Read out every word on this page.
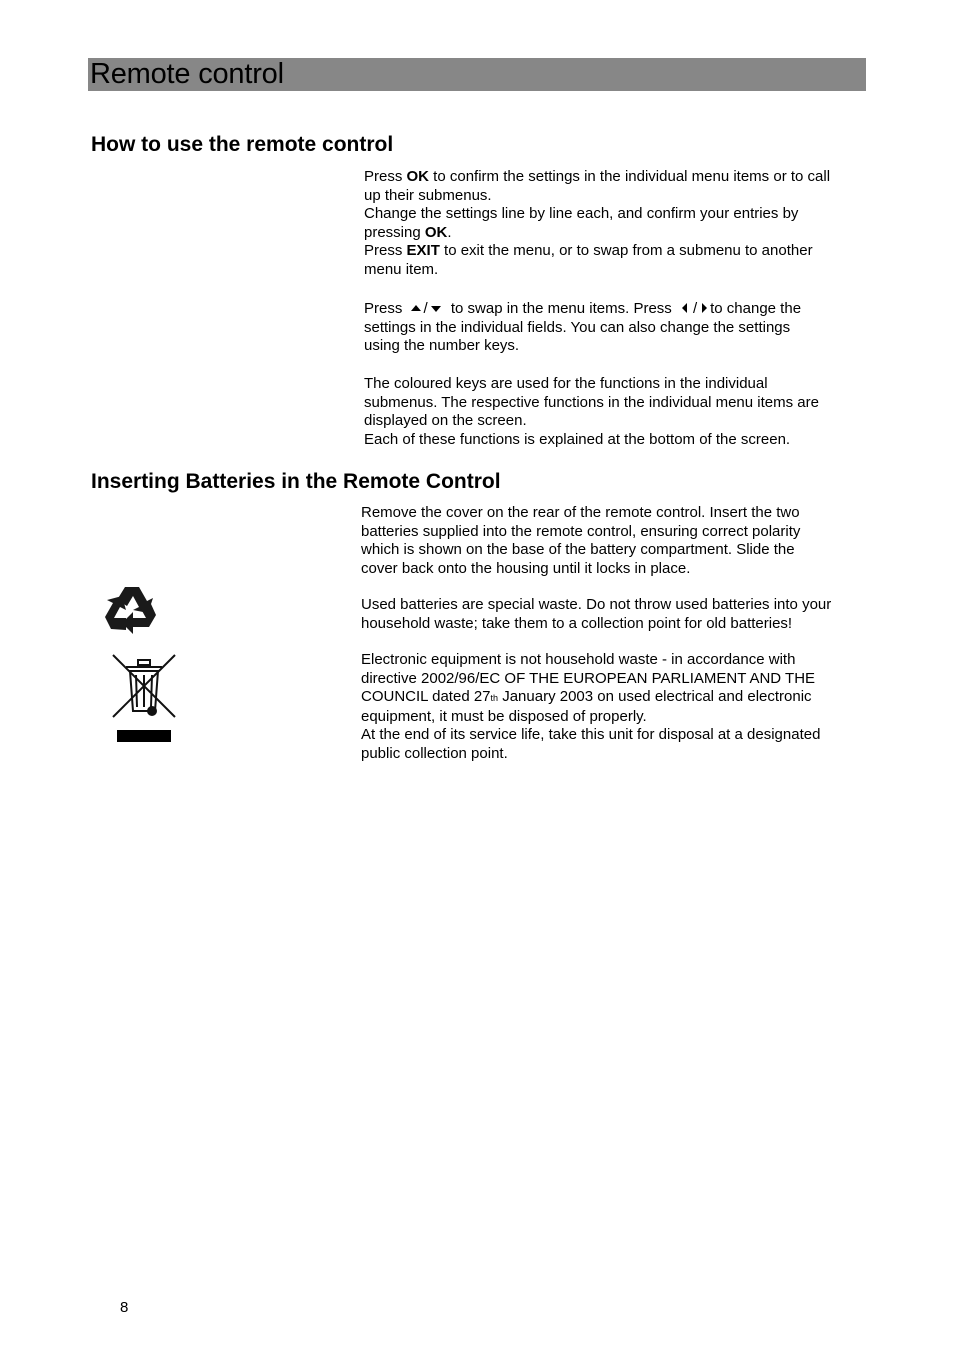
Remote control
How to use the remote control
Press OK to confirm the settings in the individual menu items or to call
up their submenus.
Change the settings line by line each, and confirm your entries by
pressing OK.
Press EXIT to exit the menu, or to swap from a submenu to another
menu item.
Press / to swap in the menu items. Press / to change the
settings in the individual fields. You can also change the settings
using the number keys.
The coloured keys are used for the functions in the individual
submenus. The respective functions in the individual menu items are
displayed on the screen.
Each of these functions is explained at the bottom of the screen.
Inserting Batteries in the Remote Control
Remove the cover on the rear of the remote control. Insert the two
batteries supplied into the remote control, ensuring correct polarity
which is shown on the base of the battery compartment. Slide the
cover back onto the housing until it locks in place.
Used batteries are special waste. Do not throw used batteries into your
household waste; take them to a collection point for old batteries!
Electronic equipment is not household waste - in accordance with
directive 2002/96/EC OF THE EUROPEAN PARLIAMENT AND THE
COUNCIL dated 27th January 2003 on used electrical and electronic
equipment, it must be disposed of properly.
At the end of its service life, take this unit for disposal at a designated
public collection point.
8
